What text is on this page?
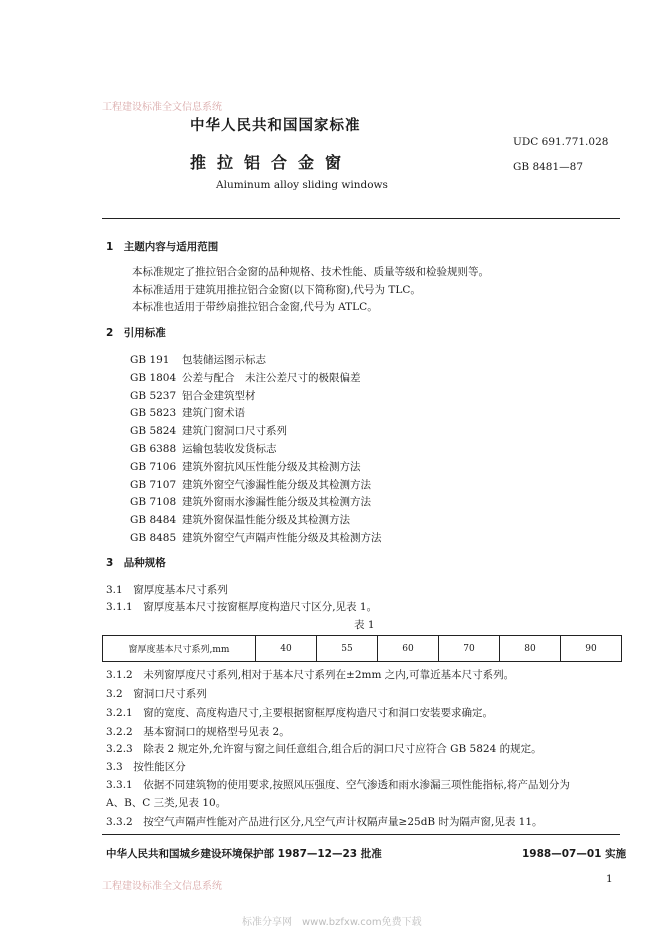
工程建设标准全文信息系统
中华人民共和国国家标准
推拉铝合金窗
Aluminum alloy sliding windows
UDC 691.771.028
GB 8481—87
1　主题内容与适用范围
本标准规定了推拉铝合金窗的品种规格、技术性能、质量等级和检验规则等。
本标准适用于建筑用推拉铝合金窗(以下简称窗),代号为 TLC。
本标准也适用于带纱扇推拉铝合金窗,代号为 ATLC。
2　引用标准
GB 191 包装储运图示标志
GB 1804 公差与配合　未注公差尺寸的极限偏差
GB 5237 铝合金建筑型材
GB 5823 建筑门窗术语
GB 5824 建筑门窗洞口尺寸系列
GB 6388 运输包装收发货标志
GB 7106 建筑外窗抗风压性能分级及其检测方法
GB 7107 建筑外窗空气渗漏性能分级及其检测方法
GB 7108 建筑外窗雨水渗漏性能分级及其检测方法
GB 8484 建筑外窗保温性能分级及其检测方法
GB 8485 建筑外窗空气声隔声性能分级及其检测方法
3　品种规格
3.1　窗厚度基本尺寸系列
3.1.1　窗厚度基本尺寸按窗框厚度构造尺寸区分,见表 1。
表 1
窗厚度基本尺寸系列,mm	40	55	60	70	80	90
3.1.2　未列窗厚度尺寸系列,相对于基本尺寸系列在±2mm 之内,可靠近基本尺寸系列。
3.2　窗洞口尺寸系列
3.2.1　窗的宽度、高度构造尺寸,主要根据窗框厚度构造尺寸和洞口安装要求确定。
3.2.2　基本窗洞口的规格型号见表 2。
3.2.3　除表 2 规定外,允许窗与窗之间任意组合,组合后的洞口尺寸应符合 GB 5824 的规定。
3.3　按性能区分
3.3.1　依据不同建筑物的使用要求,按照风压强度、空气渗透和雨水渗漏三项性能指标,将产品划分为
A、B、C 三类,见表 10。
3.3.2　按空气声隔声性能对产品进行区分,凡空气声计权隔声量≥25dB 时为隔声窗,见表 11。
中华人民共和国城乡建设环境保护部 1987—12—23 批准	1988—07—01 实施
工程建设标准全文信息系统
1
标准分享网　www.bzfxw.com免费下载
